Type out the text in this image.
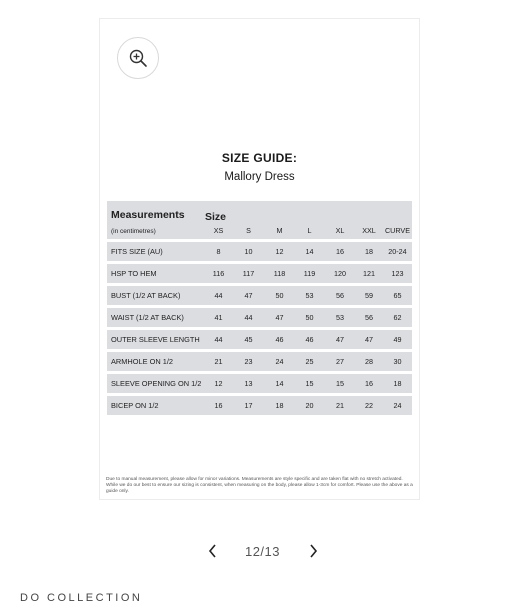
SIZE GUIDE:
Mallory Dress
Measurements
(in centimetres)	Size
XS	S	M	L	XL	XXL	CURVE
FITS SIZE (AU)	8	10	12	14	16	18	20-24
HSP TO HEM	116	117	118	119	120	121	123
BUST (1/2 AT BACK)	44	47	50	53	56	59	65
WAIST (1/2 AT BACK)	41	44	47	50	53	56	62
OUTER SLEEVE LENGTH	44	45	46	46	47	47	49
ARMHOLE ON 1/2	21	23	24	25	27	28	30
SLEEVE OPENING ON 1/2	12	13	14	15	15	16	18
BICEP ON 1/2	16	17	18	20	21	22	24
Due to manual measurement, please allow for minor variations. Measurements are style specific and are taken flat with no stretch activated. While we do our best to ensure our sizing is consistent, when measuring on the body, please allow 1-3cm for comfort. Please use the above as a guide only.
12/13
DO COLLECTION
